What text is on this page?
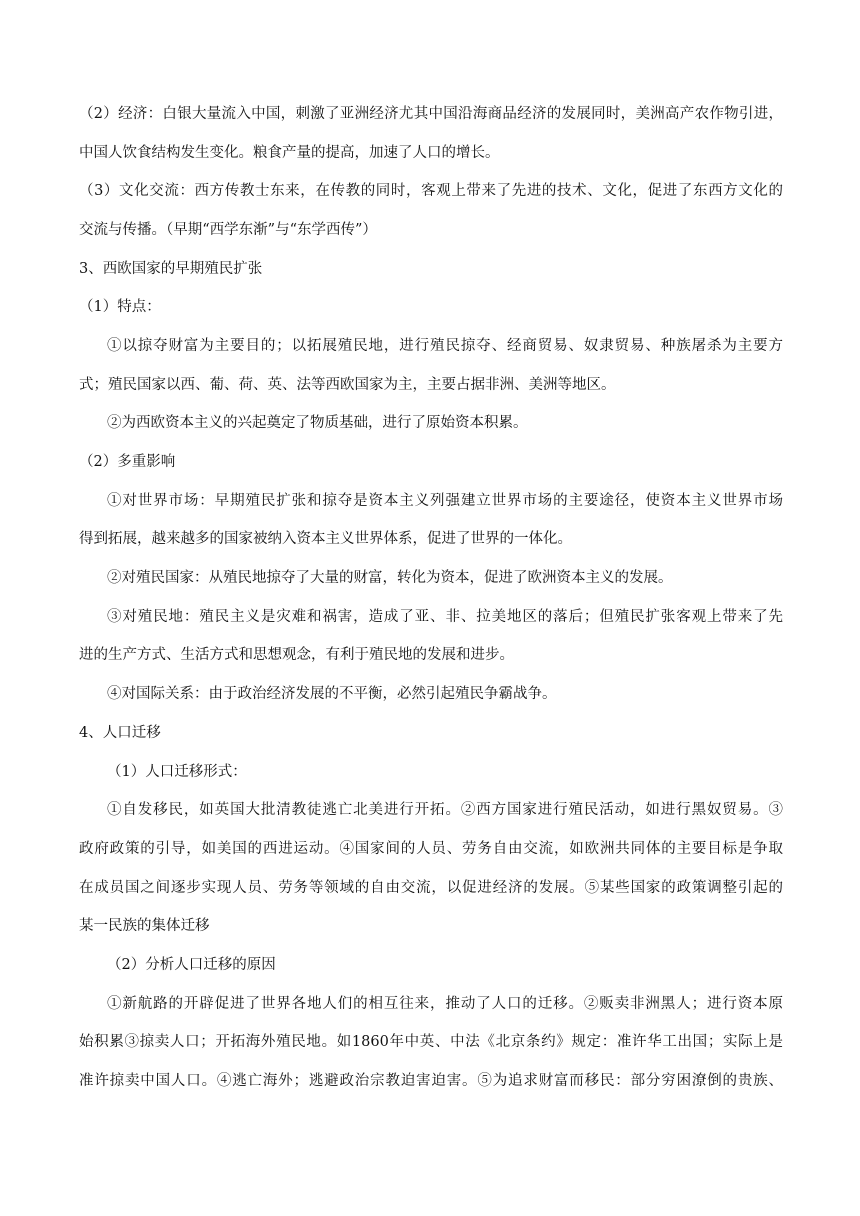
（2）经济：白银大量流入中国，刺激了亚洲经济尤其中国沿海商品经济的发展同时，美洲高产农作物引进，
中国人饮食结构发生变化。粮食产量的提高，加速了人口的增长。
（3）文化交流：西方传教士东来，在传教的同时，客观上带来了先进的技术、文化，促进了东西方文化的
交流与传播。（早期“西学东渐”与“东学西传”）
3、西欧国家的早期殖民扩张
（1）特点：
①以掠夺财富为主要目的；以拓展殖民地，进行殖民掠夺、经商贸易、奴隶贸易、种族屠杀为主要方
式；殖民国家以西、葡、荷、英、法等西欧国家为主，主要占据非洲、美洲等地区。
②为西欧资本主义的兴起奠定了物质基础，进行了原始资本积累。
（2）多重影响
①对世界市场：早期殖民扩张和掠夺是资本主义列强建立世界市场的主要途径，使资本主义世界市场
得到拓展，越来越多的国家被纳入资本主义世界体系，促进了世界的一体化。
②对殖民国家：从殖民地掠夺了大量的财富，转化为资本，促进了欧洲资本主义的发展。
③对殖民地：殖民主义是灾难和祸害，造成了亚、非、拉美地区的落后；但殖民扩张客观上带来了先
进的生产方式、生活方式和思想观念，有利于殖民地的发展和进步。
④对国际关系：由于政治经济发展的不平衡，必然引起殖民争霸战争。
4、人口迁移
（1）人口迁移形式：
①自发移民，如英国大批清教徒逃亡北美进行开拓。②西方国家进行殖民活动，如进行黑奴贸易。③
政府政策的引导，如美国的西进运动。④国家间的人员、劳务自由交流，如欧洲共同体的主要目标是争取
在成员国之间逐步实现人员、劳务等领域的自由交流，以促进经济的发展。⑤某些国家的政策调整引起的
某一民族的集体迁移
（2）分析人口迁移的原因
①新航路的开辟促进了世界各地人们的相互往来，推动了人口的迁移。②贩卖非洲黑人；进行资本原
始积累③掠卖人口；开拓海外殖民地。如1860年中英、中法《北京条约》规定：准许华工出国；实际上是
准许掠卖中国人口。④逃亡海外；逃避政治宗教迫害迫害。⑤为追求财富而移民：部分穷困潦倒的贵族、
